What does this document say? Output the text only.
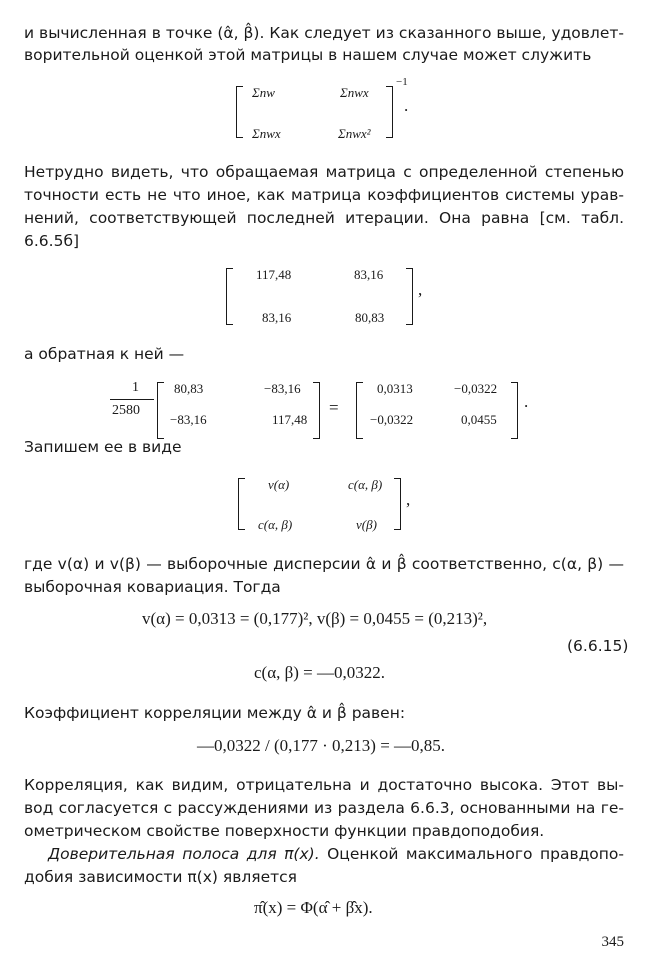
и вычисленная в точке (α̂, β̂). Как следует из сказанного выше, удовлет-
ворительной оценкой этой матрицы в нашем случае может служить
Σnw	Σnwx
Σnwx	Σnwx²
−1
.
Нетрудно видеть, что обращаемая матрица с определенной степенью
точности есть не что иное, как матрица коэффициентов системы урав-
нений, соответствующей последней итерации. Она равна [см. табл.
6.6.5б]
117,48	83,16
83,16	80,83
,
а обратная к ней —
1
2580
80,83	−83,16
−83,16	117,48
=
0,0313	−0,0322
−0,0322	0,0455
.
Запишем ее в виде
v(α)	c(α, β)
c(α, β)	v(β)
,
где v(α) и v(β) — выборочные дисперсии α̂ и β̂ соответственно, c(α, β) —
выборочная ковариация. Тогда
v(α) = 0,0313 = (0,177)², v(β) = 0,0455 = (0,213)²,
(6.6.15)
c(α, β) = —0,0322.
Коэффициент корреляции между α̂ и β̂ равен:
—0,0322 / (0,177 · 0,213) = —0,85.
Корреляция, как видим, отрицательна и достаточно высока. Этот вы-
вод согласуется с рассуждениями из раздела 6.6.3, основанными на ге-
ометрическом свойстве поверхности функции правдоподобия.
Доверительная полоса для π(x). Оценкой максимального правдопо-
добия зависимости π(x) является
π̂(x) = Φ(α̂ + β̂x).
345
